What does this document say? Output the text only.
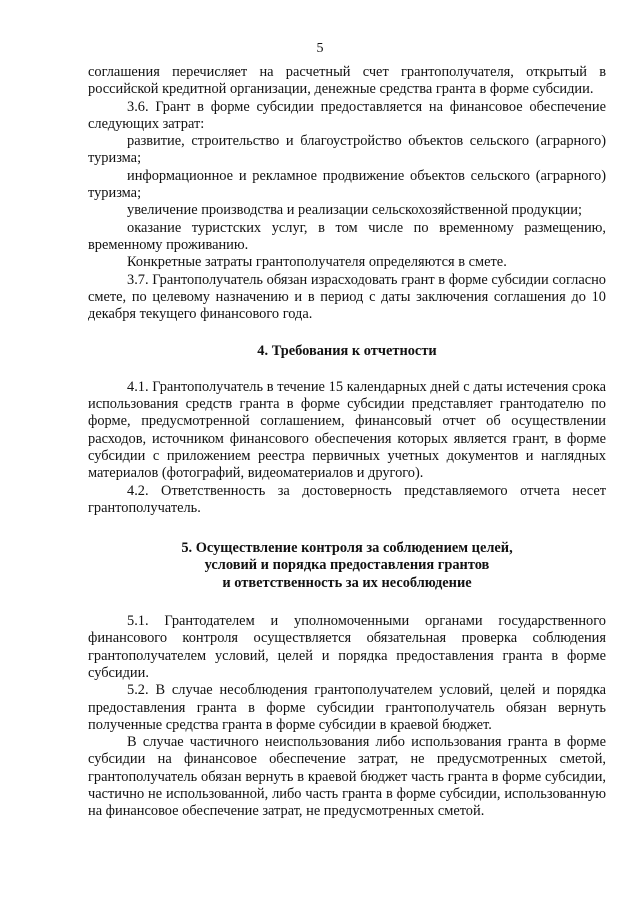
5

соглашения перечисляет на расчетный счет грантополучателя, открытый в российской кредитной организации, денежные средства гранта в форме субсидии.

3.6. Грант в форме субсидии предоставляется на финансовое обеспечение следующих затрат:

развитие, строительство и благоустройство объектов сельского (аграрного) туризма;

информационное и рекламное продвижение объектов сельского (аграрного) туризма;

увеличение производства и реализации сельскохозяйственной продукции;

оказание туристских услуг, в том числе по временному размещению, временному проживанию.

Конкретные затраты грантополучателя определяются в смете.

3.7. Грантополучатель обязан израсходовать грант в форме субсидии согласно смете, по целевому назначению и в период с даты заключения соглашения до 10 декабря текущего финансового года.

4. Требования к отчетности

4.1. Грантополучатель в течение 15 календарных дней с даты истечения срока использования средств гранта в форме субсидии представляет грантодателю по форме, предусмотренной соглашением, финансовый отчет об осуществлении расходов, источником финансового обеспечения которых является грант, в форме субсидии с приложением реестра первичных учетных документов и наглядных материалов (фотографий, видеоматериалов и другого).

4.2. Ответственность за достоверность представляемого отчета несет грантополучатель.

5. Осуществление контроля за соблюдением целей,
условий и порядка предоставления грантов
и ответственность за их несоблюдение

5.1. Грантодателем и уполномоченными органами государственного финансового контроля осуществляется обязательная проверка соблюдения грантополучателем условий, целей и порядка предоставления гранта в форме субсидии.

5.2. В случае несоблюдения грантополучателем условий, целей и порядка предоставления гранта в форме субсидии грантополучатель обязан вернуть полученные средства гранта в форме субсидии в краевой бюджет.

В случае частичного неиспользования либо использования гранта в форме субсидии на финансовое обеспечение затрат, не предусмотренных сметой, грантополучатель обязан вернуть в краевой бюджет часть гранта в форме субсидии, частично не использованной, либо часть гранта в форме субсидии, использованную на финансовое обеспечение затрат, не предусмотренных сметой.
